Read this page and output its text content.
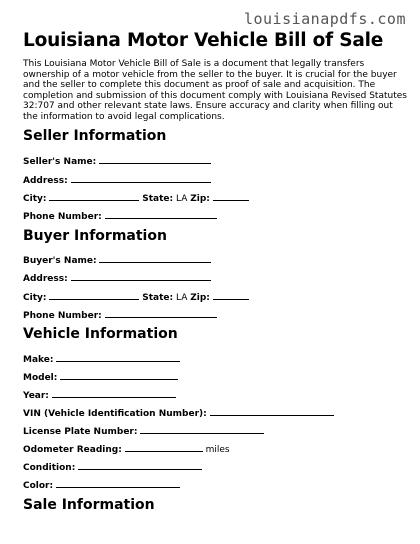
louisianapdfs.com
Louisiana Motor Vehicle Bill of Sale

This Louisiana Motor Vehicle Bill of Sale is a document that legally transfers ownership of a motor vehicle from the seller to the buyer. It is crucial for the buyer and the seller to complete this document as proof of sale and acquisition. The completion and submission of this document comply with Louisiana Revised Statutes 32:707 and other relevant state laws. Ensure accuracy and clarity when filling out the information to avoid legal complications.

Seller Information
Seller's Name:
Address:
City:	State: LA Zip:
Phone Number:
Buyer Information
Buyer's Name:
Address:
City:	State: LA Zip:
Phone Number:
Vehicle Information
Make:
Model:
Year:
VIN (Vehicle Identification Number):
License Plate Number:
Odometer Reading:	miles
Condition:
Color:
Sale Information
